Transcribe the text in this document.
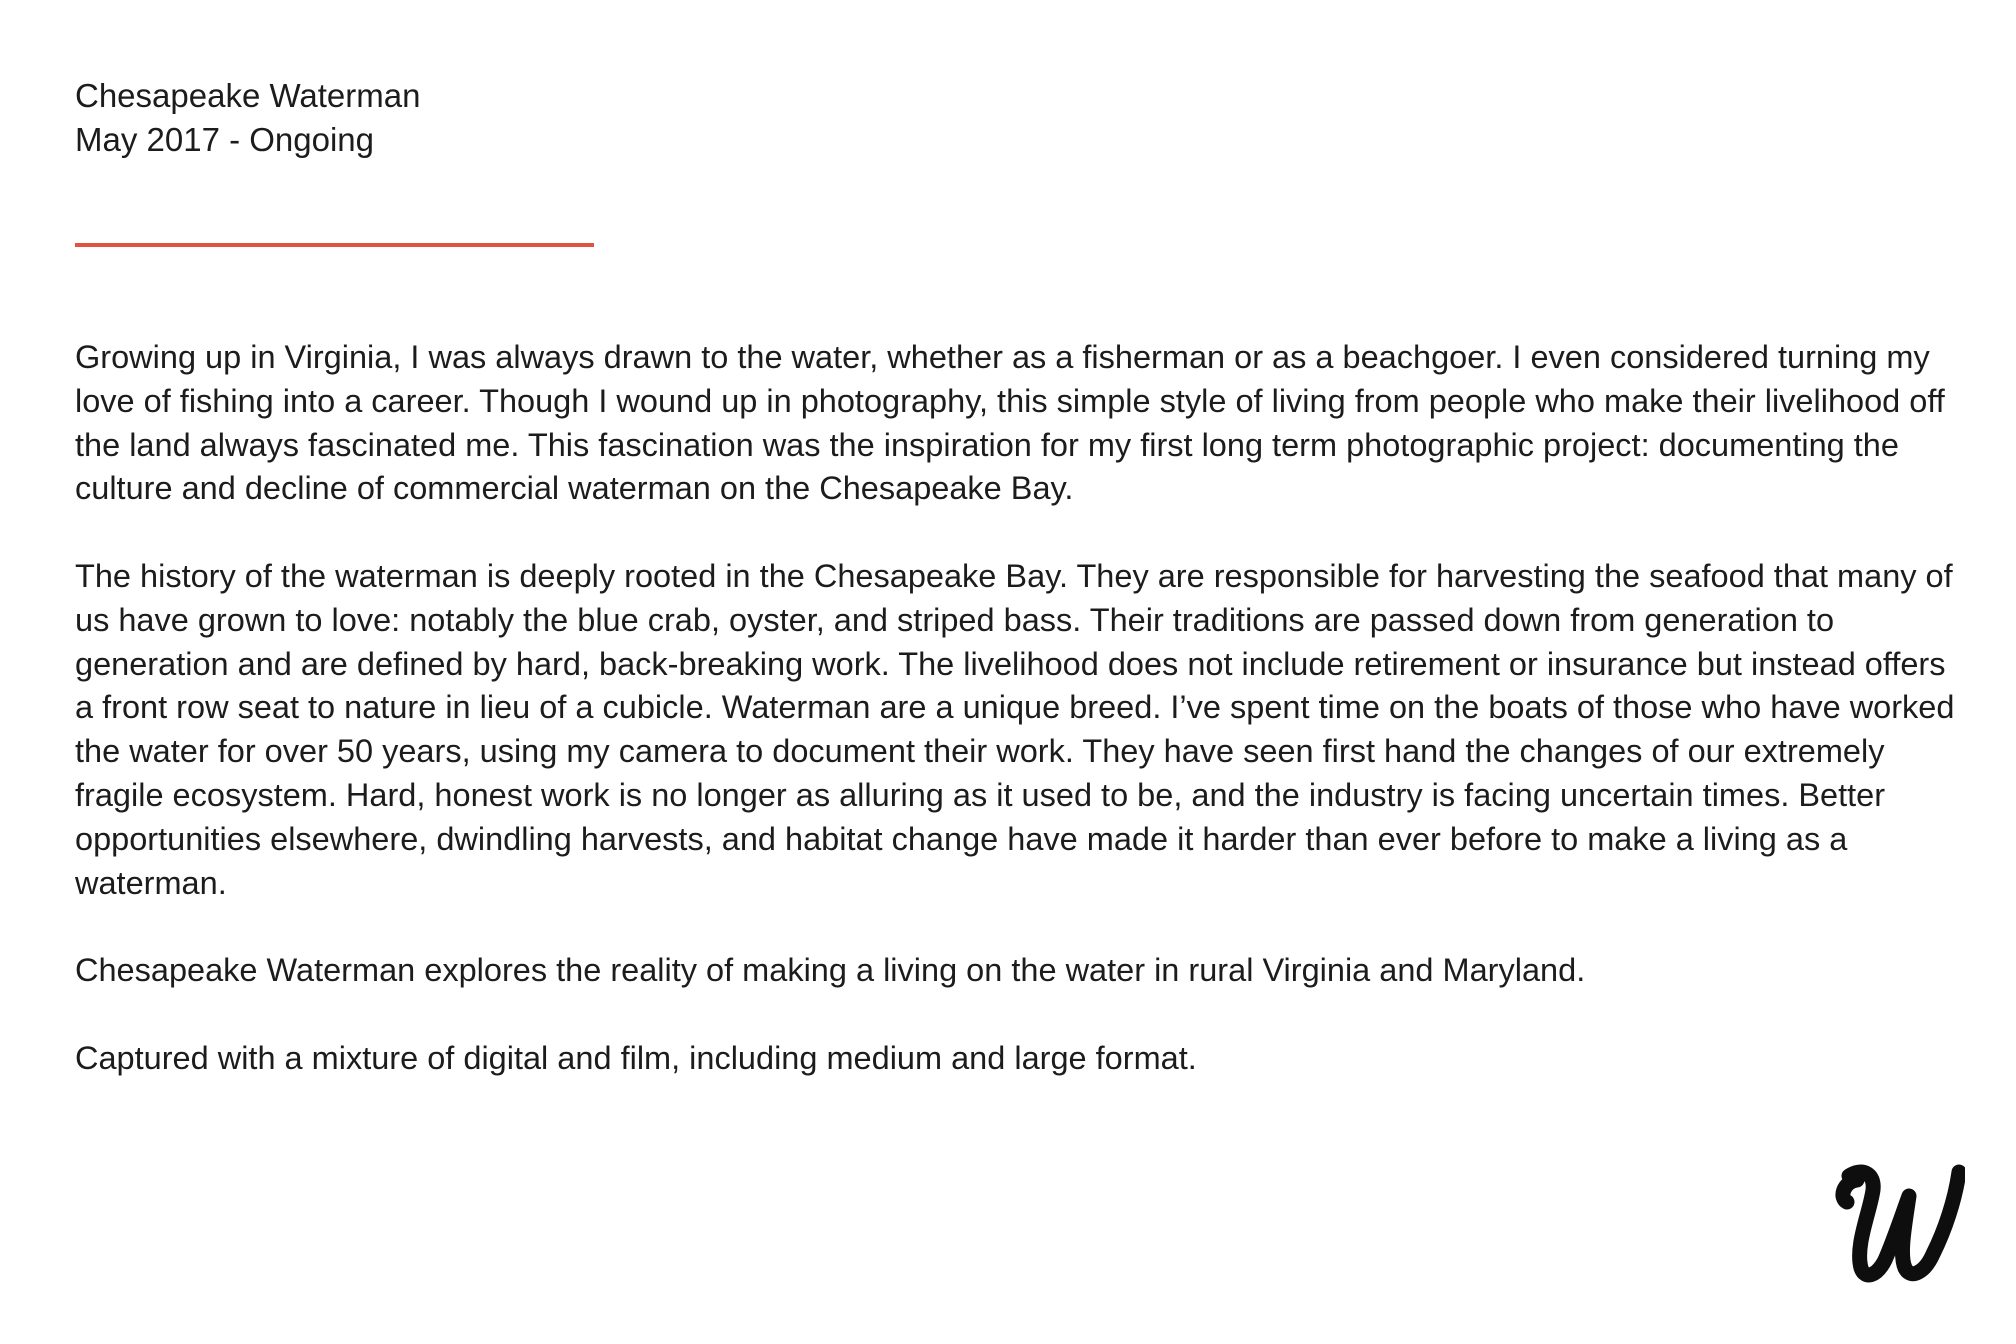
Chesapeake Waterman
May 2017 - Ongoing

Growing up in Virginia, I was always drawn to the water, whether as a fisherman or as a beachgoer. I even considered turning my love of fishing into a career. Though I wound up in photography, this simple style of living from people who make their livelihood off the land always fascinated me. This fascination was the inspiration for my first long term photographic project: documenting the culture and decline of commercial waterman on the Chesapeake Bay.

The history of the waterman is deeply rooted in the Chesapeake Bay. They are responsible for harvesting the seafood that many of us have grown to love: notably the blue crab, oyster, and striped bass. Their traditions are passed down from generation to generation and are defined by hard, back-breaking work. The livelihood does not include retirement or insurance but instead offers a front row seat to nature in lieu of a cubicle. Waterman are a unique breed. I’ve spent time on the boats of those who have worked the water for over 50 years, using my camera to document their work. They have seen first hand the changes of our extremely fragile ecosystem. Hard, honest work is no longer as alluring as it used to be, and the industry is facing uncertain times. Better opportunities elsewhere, dwindling harvests, and habitat change have made it harder than ever before to make a living as a waterman.

Chesapeake Waterman explores the reality of making a living on the water in rural Virginia and Maryland.

Captured with a mixture of digital and film, including medium and large format.
